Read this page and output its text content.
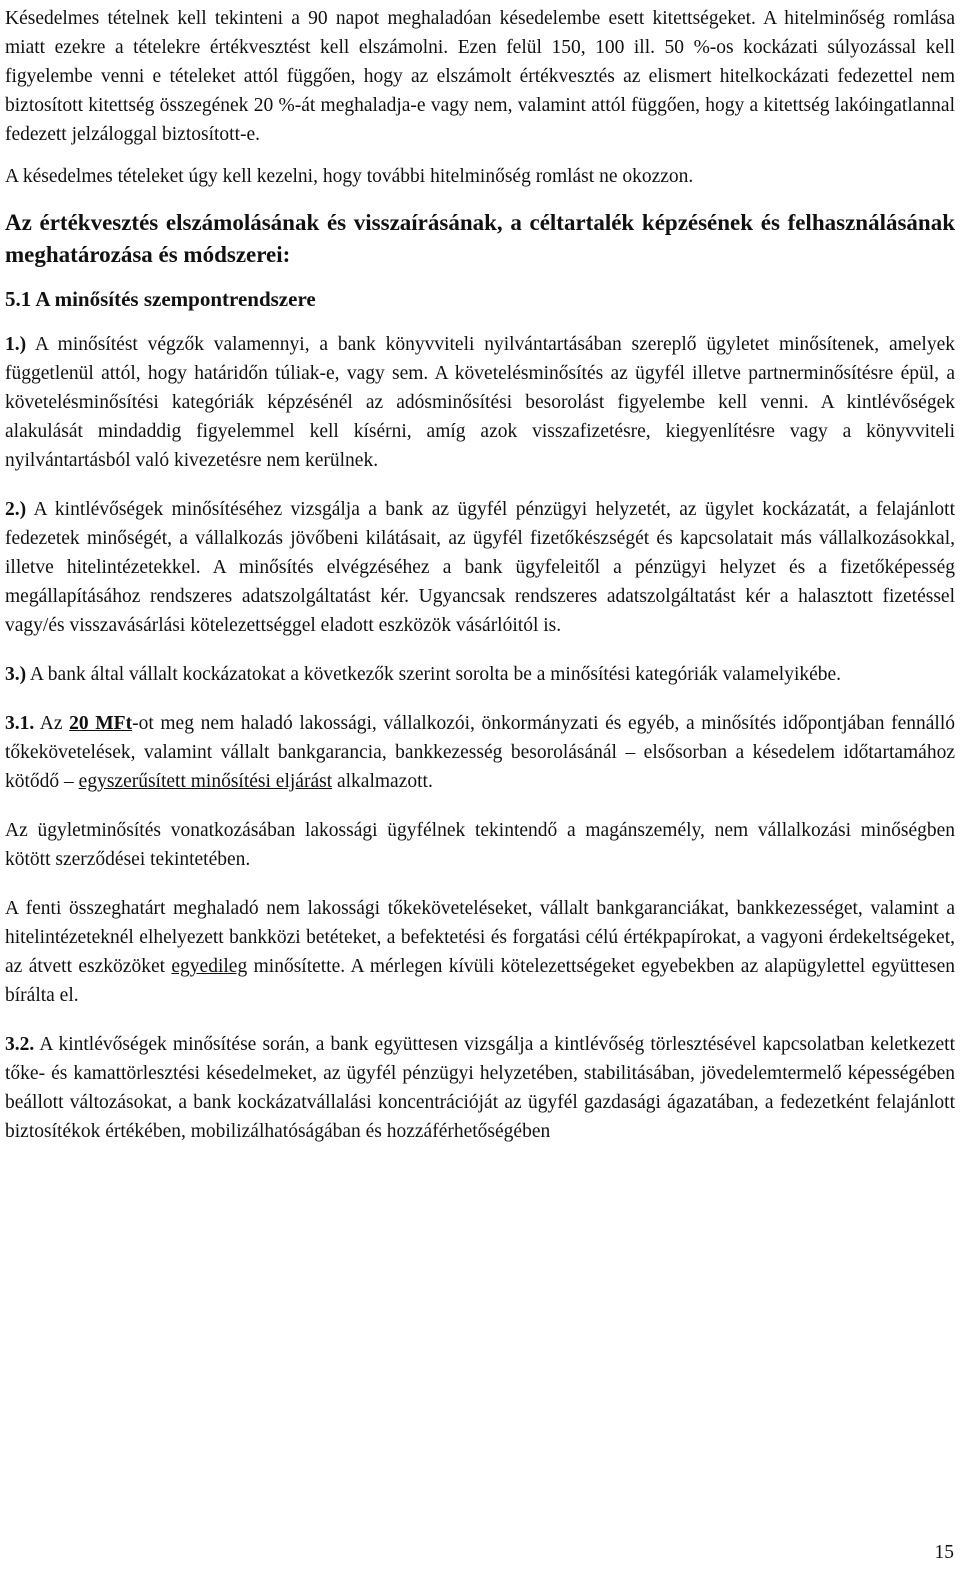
Késedelmes tételnek kell tekinteni a 90 napot meghaladóan késedelembe esett kitettségeket. A hitelminőség romlása miatt ezekre a tételekre értékvesztést kell elszámolni. Ezen felül 150, 100 ill. 50 %-os kockázati súlyozással kell figyelembe venni e tételeket attól függően, hogy az elszámolt értékvesztés az elismert hitelkockázati fedezettel nem biztosított kitettség összegének 20 %-át meghaladja-e vagy nem, valamint attól függően, hogy a kitettség lakóingatlannal fedezett jelzáloggal biztosított-e.

A késedelmes tételeket úgy kell kezelni, hogy további hitelminőség romlást ne okozzon.

Az értékvesztés elszámolásának és visszaírásának, a céltartalék képzésének és felhasználásának meghatározása és módszerei:
5.1 A minősítés szempontrendszere

1.) A minősítést végzők valamennyi, a bank könyvviteli nyilvántartásában szereplő ügyletet minősítenek, amelyek függetlenül attól, hogy határidőn túliak-e, vagy sem. A követelésminősítés az ügyfél illetve partnerminősítésre épül, a követelésminősítési kategóriák képzésénél az adósminősítési besorolást figyelembe kell venni. A kintlévőségek alakulását mindaddig figyelemmel kell kísérni, amíg azok visszafizetésre, kiegyenlítésre vagy a könyvviteli nyilvántartásból való kivezetésre nem kerülnek.

2.) A kintlévőségek minősítéséhez vizsgálja a bank az ügyfél pénzügyi helyzetét, az ügylet kockázatát, a felajánlott fedezetek minőségét, a vállalkozás jövőbeni kilátásait, az ügyfél fizetőkészségét és kapcsolatait más vállalkozásokkal, illetve hitelintézetekkel. A minősítés elvégzéséhez a bank ügyfeleitől a pénzügyi helyzet és a fizetőképesség megállapításához rendszeres adatszolgáltatást kér. Ugyancsak rendszeres adatszolgáltatást kér a halasztott fizetéssel vagy/és visszavásárlási kötelezettséggel eladott eszközök vásárlóitól is.

3.) A bank által vállalt kockázatokat a következők szerint sorolta be a minősítési kategóriák valamelyikébe.

3.1. Az 20 MFt-ot meg nem haladó lakossági, vállalkozói, önkormányzati és egyéb, a minősítés időpontjában fennálló tőkekövetelések, valamint vállalt bankgarancia, bankkezesség besorolásánál – elsősorban a késedelem időtartamához kötődő – egyszerűsített minősítési eljárást alkalmazott.

Az ügyletminősítés vonatkozásában lakossági ügyfélnek tekintendő a magánszemély, nem vállalkozási minőségben kötött szerződései tekintetében.

A fenti összeghatárt meghaladó nem lakossági tőkeköveteléseket, vállalt bankgaranciákat, bankkezességet, valamint a hitelintézeteknél elhelyezett bankközi betéteket, a befektetési és forgatási célú értékpapírokat, a vagyoni érdekeltségeket, az átvett eszközöket egyedileg minősítette. A mérlegen kívüli kötelezettségeket egyebekben az alapügylettel együttesen bírálta el.

3.2. A kintlévőségek minősítése során, a bank együttesen vizsgálja a kintlévőség törlesztésével kapcsolatban keletkezett tőke- és kamattörlesztési késedelmeket, az ügyfél pénzügyi helyzetében, stabilitásában, jövedelemtermelő képességében beállott változásokat, a bank kockázatvállalási koncentrációját az ügyfél gazdasági ágazatában, a fedezetként felajánlott biztosítékok értékében, mobilizálhatóságában és hozzáférhetőségében

15
